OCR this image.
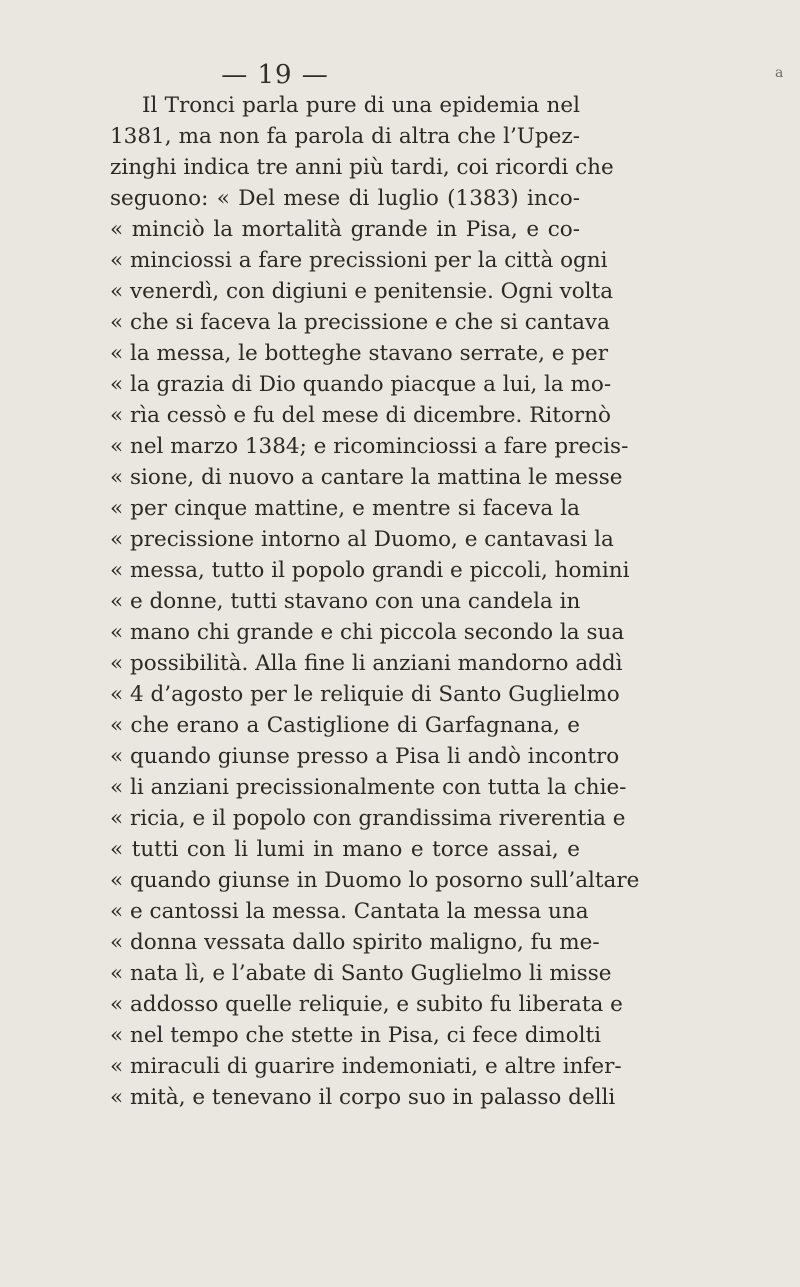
a
— 19 —
Il Tronci parla pure di una epidemia nel
1381, ma non fa parola di altra che l’Upez-
zinghi indica tre anni più tardi, coi ricordi che
seguono: « Del mese di luglio (1383) inco-
« minciò la mortalità grande in Pisa, e co-
« minciossi a fare precissioni per la città ogni
« venerdì, con digiuni e penitensie. Ogni volta
« che si faceva la precissione e che si cantava
« la messa, le botteghe stavano serrate, e per
« la grazia di Dio quando piacque a lui, la mo-
« rìa cessò e fu del mese di dicembre. Ritornò
« nel marzo 1384; e ricominciossi a fare precis-
« sione, di nuovo a cantare la mattina le messe
« per cinque mattine, e mentre si faceva la
« precissione intorno al Duomo, e cantavasi la
« messa, tutto il popolo grandi e piccoli, homini
« e donne, tutti stavano con una candela in
« mano chi grande e chi piccola secondo la sua
« possibilità. Alla fine li anziani mandorno addì
« 4 d’agosto per le reliquie di Santo Guglielmo
« che erano a Castiglione di Garfagnana, e
« quando giunse presso a Pisa li andò incontro
« li anziani precissionalmente con tutta la chie-
« ricia, e il popolo con grandissima riverentia e
« tutti con li lumi in mano e torce assai, e
« quando giunse in Duomo lo posorno sull’altare
« e cantossi la messa. Cantata la messa una
« donna vessata dallo spirito maligno, fu me-
« nata lì, e l’abate di Santo Guglielmo li misse
« addosso quelle reliquie, e subito fu liberata e
« nel tempo che stette in Pisa, ci fece dimolti
« miraculi di guarire indemoniati, e altre infer-
« mità, e tenevano il corpo suo in palasso delli
